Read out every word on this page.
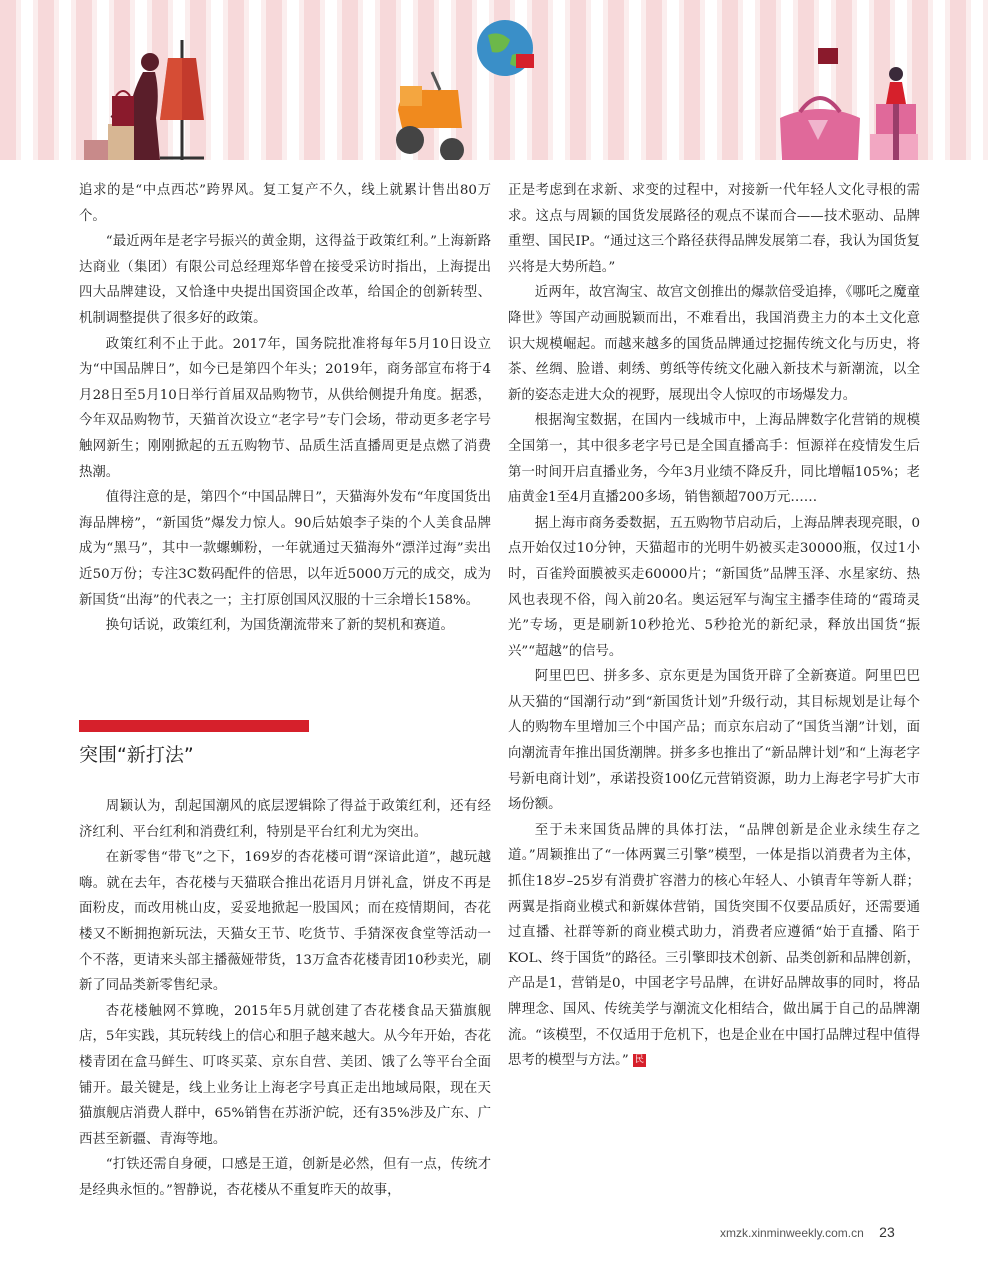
追求的是“中点西芯”跨界风。复工复产不久，线上就累计售出80万个。

“最近两年是老字号振兴的黄金期，这得益于政策红利。”上海新路达商业（集团）有限公司总经理郑华曾在接受采访时指出，上海提出四大品牌建设，又恰逢中央提出国资国企改革，给国企的创新转型、机制调整提供了很多好的政策。

政策红利不止于此。2017年，国务院批准将每年5月10日设立为“中国品牌日”，如今已是第四个年头；2019年，商务部宣布将于4月28日至5月10日举行首届双品购物节，从供给侧提升角度。据悉，今年双品购物节，天猫首次设立“老字号”专门会场，带动更多老字号触网新生；刚刚掀起的五五购物节、品质生活直播周更是点燃了消费热潮。

值得注意的是，第四个“中国品牌日”，天猫海外发布“年度国货出海品牌榜”，“新国货”爆发力惊人。90后姑娘李子柒的个人美食品牌成为“黑马”，其中一款螺蛳粉，一年就通过天猫海外“漂洋过海”卖出近50万份；专注3C数码配件的倍思，以年近5000万元的成交，成为新国货“出海”的代表之一；主打原创国风汉服的十三余增长158%。

换句话说，政策红利，为国货潮流带来了新的契机和赛道。

突围“新打法”

周颖认为，刮起国潮风的底层逻辑除了得益于政策红利，还有经济红利、平台红利和消费红利，特别是平台红利尤为突出。

在新零售“带飞”之下，169岁的杏花楼可谓“深谙此道”，越玩越嗨。就在去年，杏花楼与天猫联合推出花语月月饼礼盒，饼皮不再是面粉皮，而改用桃山皮，妥妥地掀起一股国风；而在疫情期间，杏花楼又不断拥抱新玩法，天猫女王节、吃货节、手猜深夜食堂等活动一个不落，更请来头部主播薇娅带货，13万盒杏花楼青团10秒卖光，刷新了同品类新零售纪录。

杏花楼触网不算晚，2015年5月就创建了杏花楼食品天猫旗舰店，5年实践，其玩转线上的信心和胆子越来越大。从今年开始，杏花楼青团在盒马鲜生、叮咚买菜、京东自营、美团、饿了么等平台全面铺开。最关键是，线上业务让上海老字号真正走出地域局限，现在天猫旗舰店消费人群中，65%销售在苏浙沪皖，还有35%涉及广东、广西甚至新疆、青海等地。

“打铁还需自身硬，口感是王道，创新是必然，但有一点，传统才是经典永恒的。”智静说，杏花楼从不重复昨天的故事，

正是考虑到在求新、求变的过程中，对接新一代年轻人文化寻根的需求。这点与周颖的国货发展路径的观点不谋而合——技术驱动、品牌重塑、国民IP。“通过这三个路径获得品牌发展第二春，我认为国货复兴将是大势所趋。”

近两年，故宫淘宝、故宫文创推出的爆款倍受追捧，《哪吒之魔童降世》等国产动画脱颖而出，不难看出，我国消费主力的本土文化意识大规模崛起。而越来越多的国货品牌通过挖掘传统文化与历史，将茶、丝绸、脸谱、刺绣、剪纸等传统文化融入新技术与新潮流，以全新的姿态走进大众的视野，展现出令人惊叹的市场爆发力。

根据淘宝数据，在国内一线城市中，上海品牌数字化营销的规模全国第一，其中很多老字号已是全国直播高手：恒源祥在疫情发生后第一时间开启直播业务，今年3月业绩不降反升，同比增幅105%；老庙黄金1至4月直播200多场，销售额超700万元……

据上海市商务委数据，五五购物节启动后，上海品牌表现亮眼，0点开始仅过10分钟，天猫超市的光明牛奶被买走30000瓶，仅过1小时，百雀羚面膜被买走60000片；“新国货”品牌玉泽、水星家纺、热风也表现不俗，闯入前20名。奥运冠军与淘宝主播李佳琦的“霞琦灵光”专场，更是刷新10秒抢光、5秒抢光的新纪录，释放出国货“振兴”“超越”的信号。

阿里巴巴、拼多多、京东更是为国货开辟了全新赛道。阿里巴巴从天猫的“国潮行动”到“新国货计划”升级行动，其目标规划是让每个人的购物车里增加三个中国产品；而京东启动了“国货当潮”计划，面向潮流青年推出国货潮牌。拼多多也推出了“新品牌计划”和“上海老字号新电商计划”，承诺投资100亿元营销资源，助力上海老字号扩大市场份额。

至于未来国货品牌的具体打法，“品牌创新是企业永续生存之道。”周颖推出了“一体两翼三引擎”模型，一体是指以消费者为主体，抓住18岁–25岁有消费扩容潜力的核心年轻人、小镇青年等新人群；两翼是指商业模式和新媒体营销，国货突围不仅要品质好，还需要通过直播、社群等新的商业模式助力，消费者应遵循“始于直播、陷于KOL、终于国货”的路径。三引擎即技术创新、品类创新和品牌创新，产品是1，营销是0，中国老字号品牌，在讲好品牌故事的同时，将品牌理念、国风、传统美学与潮流文化相结合，做出属于自己的品牌潮流。“该模型，不仅适用于危机下，也是企业在中国打品牌过程中值得思考的模型与方法。” 民

xmzk.xinminweekly.com.cn 23
